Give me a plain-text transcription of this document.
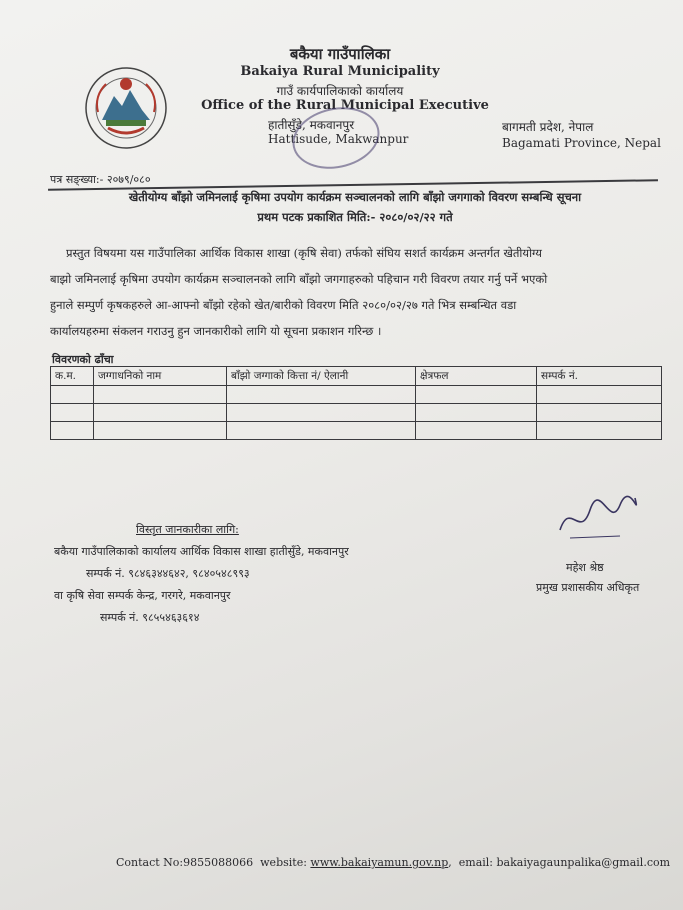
बकैया गाउँपालिका
Bakaiya Rural Municipality
गाउँ कार्यपालिकाको कार्यालय
Office of the Rural Municipal Executive
हातीसुँडे, मकवानपुर
Hattisude, Makwanpur
बागमती प्रदेश, नेपाल
Bagamati Province, Nepal
पत्र सङ्ख्या:- २०७९/०८०
खेतीयोग्य बाँझो जमिनलाई कृषिमा उपयोग कार्यक्रम सञ्चालनको लागि बाँझो जगगाको विवरण सम्बन्धि सूचना
प्रथम पटक प्रकाशित मिति:- २०८०/०२/२२ गते
प्रस्तुत विषयमा यस गाउँपालिका आर्थिक विकास शाखा (कृषि सेवा) तर्फको संघिय सशर्त कार्यक्रम अन्तर्गत खेतीयोग्य
बाझो जमिनलाई कृषिमा उपयोग कार्यक्रम सञ्चालनको लागि बाँझो जगगाहरुको पहिचान गरी विवरण तयार गर्नु पर्ने भएको
हुनाले सम्पुर्ण कृषकहरुले आ-आफ्नो बाँझो रहेको खेत/बारीको विवरण मिति २०८०/०२/२७ गते भित्र सम्बन्धित वडा
कार्यालयहरुमा संकलन गराउनु हुन जानकारीको लागि यो सूचना प्रकाशन गरिन्छ ।
विवरणको ढाँचा
क.म.	जग्गाधनिको नाम	बाँझो जग्गाको कित्ता नं/ ऐलानी	क्षेत्रफल	सम्पर्क नं.

विस्तृत जानकारीका लागि:
बकैया गाउँपालिकाको कार्यालय आर्थिक विकास शाखा हातीसुँडे, मकवानपुर
सम्पर्क नं. ९८४६३४४६४२, ९८४०५४८९९३
वा कृषि सेवा सम्पर्क केन्द्र, गरगरे, मकवानपुर
सम्पर्क नं. ९८५५४६३६१४
महेश श्रेष्ठ
प्रमुख प्रशासकीय अधिकृत
Contact No:9855088066 website: www.bakaiyamun.gov.np,  email: bakaiyagaunpalika@gmail.com
